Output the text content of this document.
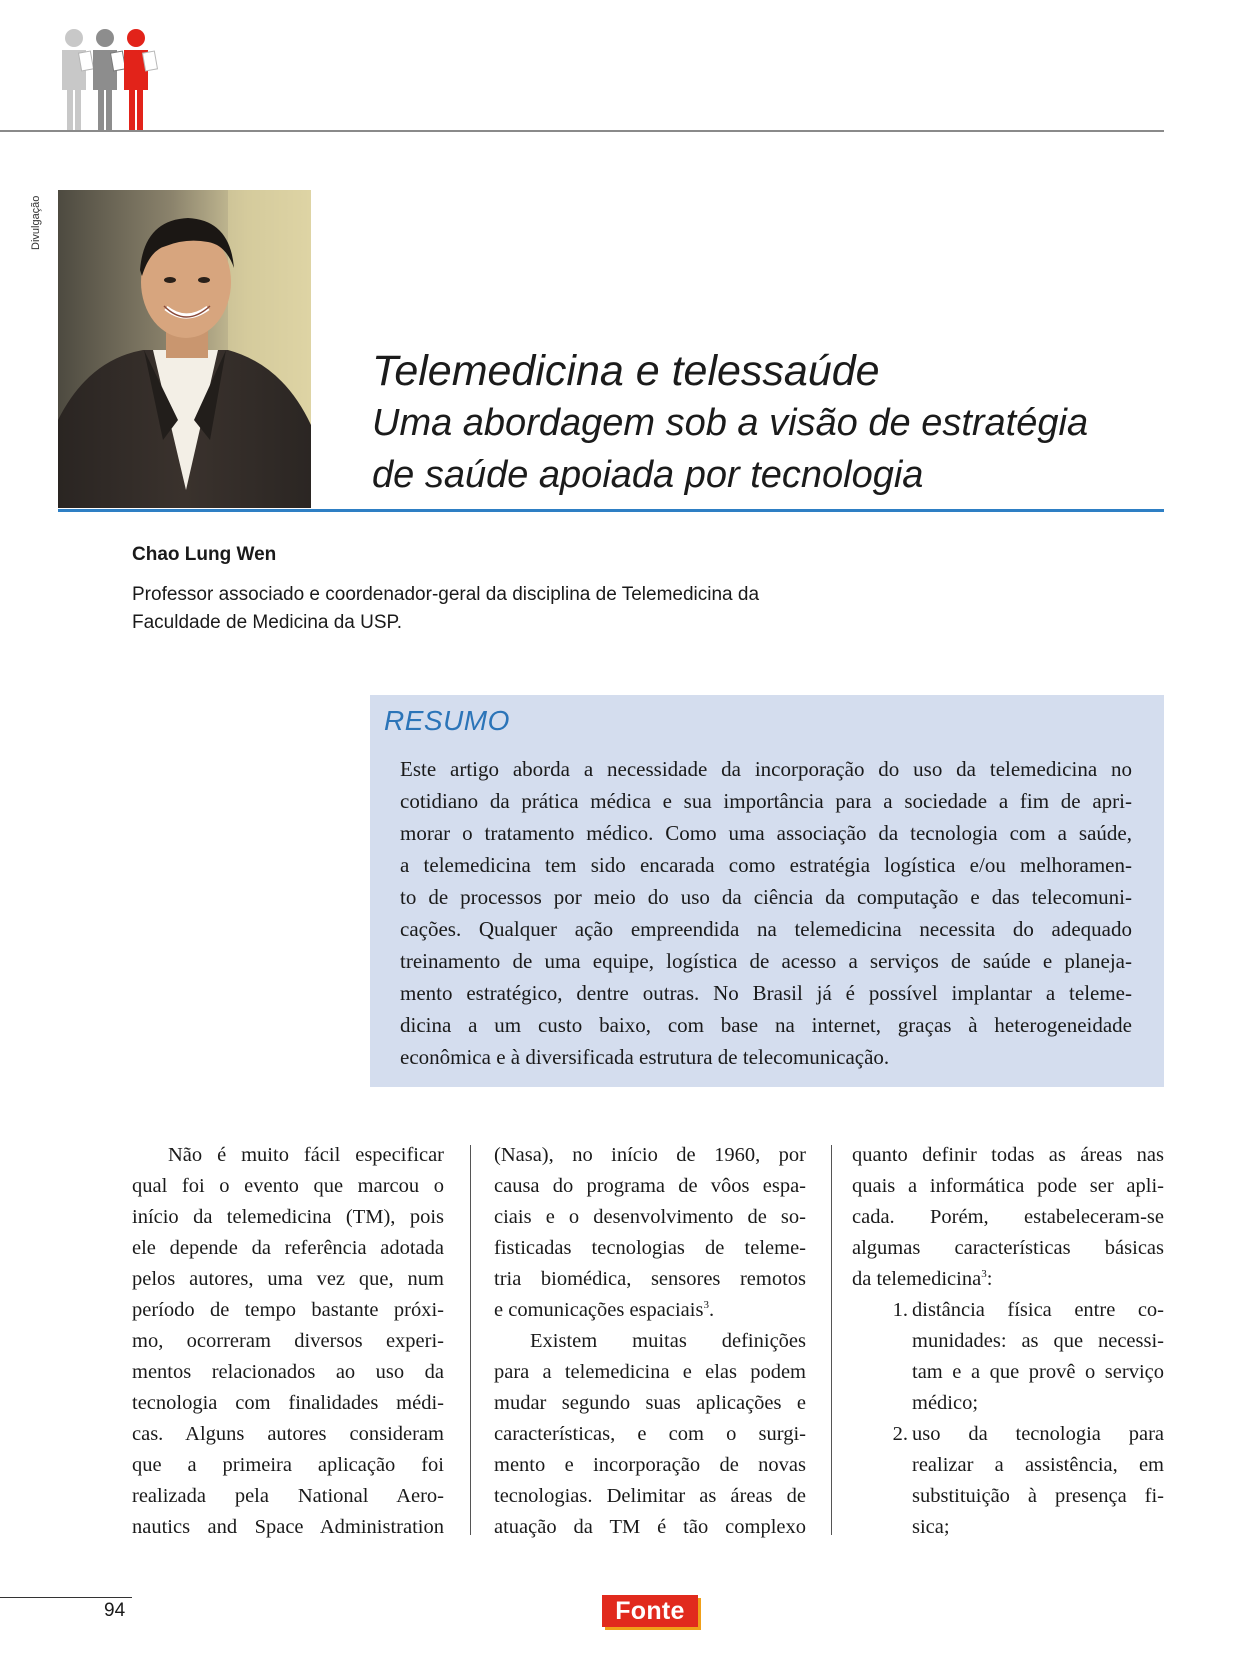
Divulgação
Telemedicina e telessaúde
Uma abordagem sob a visão de estratégia
de saúde apoiada por tecnologia
Chao Lung Wen
Professor associado e coordenador-geral da disciplina de Telemedicina da
Faculdade de Medicina da USP.
RESUMO
Este artigo aborda a necessidade da incorporação do uso da telemedicina no
cotidiano da prática médica e sua importância para a sociedade a fim de apri-
morar o tratamento médico. Como uma associação da tecnologia com a saúde,
a telemedicina tem sido encarada como estratégia logística e/ou melhoramen-
to de processos por meio do uso da ciência da computação e das telecomuni-
cações. Qualquer ação empreendida na telemedicina necessita do adequado
treinamento de uma equipe, logística de acesso a serviços de saúde e planeja-
mento estratégico, dentre outras. No Brasil já é possível implantar a teleme-
dicina a um custo baixo, com base na internet, graças à heterogeneidade
econômica e à diversificada estrutura de telecomunicação.
Não é muito fácil especificar
qual foi o evento que marcou o
início da telemedicina (TM), pois
ele depende da referência adotada
pelos autores, uma vez que, num
período de tempo bastante próxi-
mo, ocorreram diversos experi-
mentos relacionados ao uso da
tecnologia com finalidades médi-
cas. Alguns autores consideram
que a primeira aplicação foi
realizada pela National Aero-
nautics and Space Administration
(Nasa), no início de 1960, por
causa do programa de vôos espa-
ciais e o desenvolvimento de so-
fisticadas tecnologias de teleme-
tria biomédica, sensores remotos
e comunicações espaciais$^3$.
Existem muitas definições
para a telemedicina e elas podem
mudar segundo suas aplicações e
características, e com o surgi-
mento e incorporação de novas
tecnologias. Delimitar as áreas de
atuação da TM é tão complexo
quanto definir todas as áreas nas
quais a informática pode ser apli-
cada. Porém, estabeleceram-se
algumas características básicas
da telemedicina$^3$:
1. distância física entre co-
munidades: as que necessi-
tam e a que provê o serviço
médico;
2. uso da tecnologia para
realizar a assistência, em
substituição à presença fi-
sica;
94	Fonte
